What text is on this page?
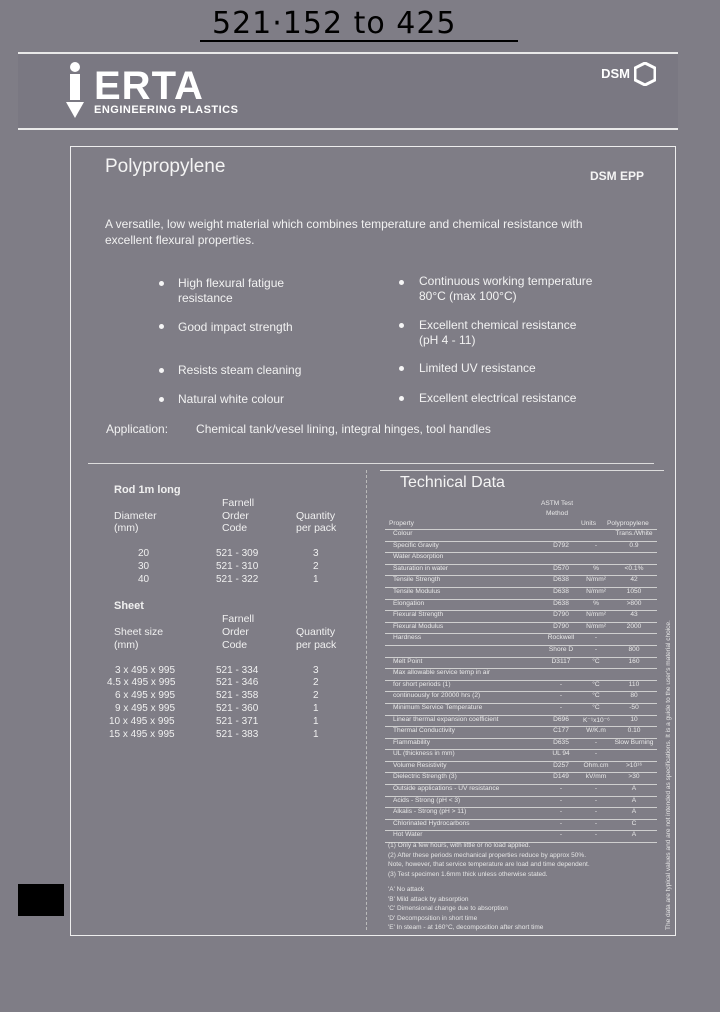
521·152 to 425
ERTA
ENGINEERING PLASTICS
DSM
Polypropylene	DSM EPP
A versatile, low weight material which combines temperature and chemical resistance with excellent flexural properties.
High flexural fatigue resistance
Good impact strength
Resists steam cleaning
Natural white colour
Continuous working temperature 80°C (max 100°C)
Excellent chemical resistance (pH 4 - 11)
Limited UV resistance
Excellent electrical resistance
Application: Chemical tank/vesel lining, integral hinges, tool handles
Rod 1m long
Diameter
(mm)
Farnell
Order
Code
Quantity
per pack
20	521 - 309	3
30	521 - 310	2
40	521 - 322	1
Sheet
Sheet size
(mm)
Farnell
Order
Code
Quantity
per pack
3 x 495 x 995	521 - 334	3
4.5 x 495 x 995	521 - 346	2
6 x 495 x 995	521 - 358	2
9 x 495 x 995	521 - 360	1
10 x 495 x 995	521 - 371	1
15 x 495 x 995	521 - 383	1
Technical Data
Property
ASTM Test Method
Units Polypropylene
Colour	Trans./White
Specific Gravity	D792	-	0.9
Water Absorption
Saturation in water	D570	%	<0.1%
Tensile Strength	D638	N/mm²	42
Tensile Modulus	D638	N/mm²	1050
Elongation	D638	%	>800
Flexural Strength	D790	N/mm²	43
Flexural Modulus	D790	N/mm²	2000
Hardness	Rockwell	-
Shore D	-	800
Melt Point	D3117	°C	160
Max allowable service temp in air
for short periods (1)	-	°C	110
continuously for 20000 hrs (2)	-	°C	80
Minimum Service Temperature	-	°C	-50
Linear thermal expansion coefficient	D696	K⁻¹x10⁻⁶	10
Thermal Conductivity	C177	W/K.m	0.10
Flammability	D635	-	Slow Burning
UL (thickness in mm)	UL 94	-
Volume Resistivity	D257	Ohm.cm	>10¹⁶
Dielectric Strength (3)	D149	kV/mm	>30
Outside applications - UV resistance	-	-	A
Acids - Strong (pH < 3)	-	-	A
Alkalis - Strong (pH > 11)	-	-	A
Chlorinated Hydrocarbons	-	-	C
Hot Water	-	-	A
(1) Only a few hours, with little or no load applied.
(2) After these periods mechanical properties reduce by approx 50%.
Note, however, that service temperature are load and time dependent.
(3) Test specimen 1.6mm thick unless otherwise stated.
'A' No attack
'B' Mild attack by absorption
'C' Dimensional change due to absorption
'D' Decomposition in short time
'E' In steam - at 160°C, decomposition after short time	The data are typical values and are not intended as specifications. It is a guide to the user's material choice.
